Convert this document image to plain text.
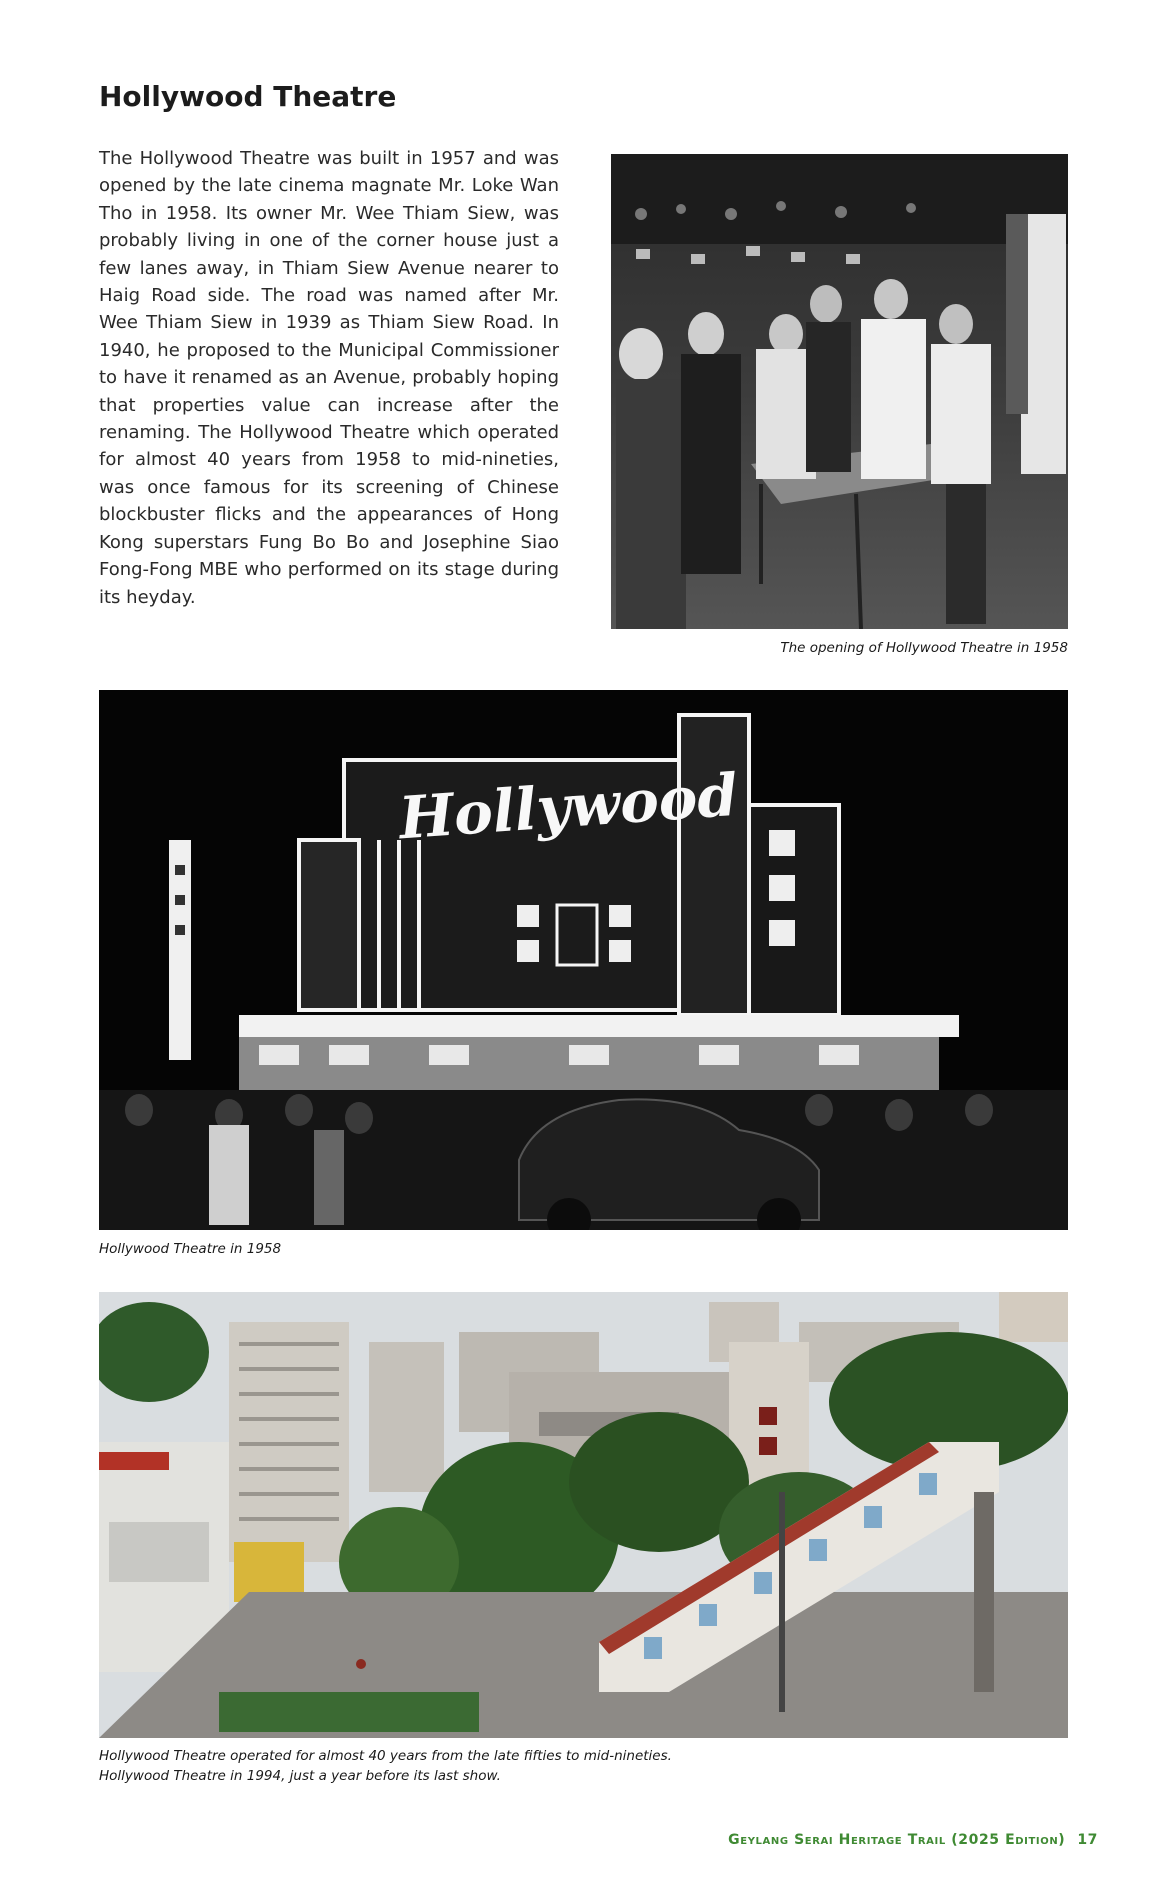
Hollywood Theatre
The Hollywood Theatre was built in 1957 and was opened by the late cinema magnate Mr. Loke Wan Tho in 1958. Its owner Mr. Wee Thiam Siew, was probably living in one of the corner house just a few lanes away, in Thiam Siew Avenue nearer to Haig Road side. The road was named after Mr. Wee Thiam Siew in 1939 as Thiam Siew Road. In 1940, he proposed to the Municipal Commissioner to have it renamed as an Avenue, probably hoping that properties value can increase after the renaming. The Hollywood Theatre which operated for almost 40 years from 1958 to mid-nineties, was once famous for its screening of Chinese blockbuster flicks and the appearances of Hong Kong superstars Fung Bo Bo and Josephine Siao Fong-Fong MBE who performed on its stage during its heyday.
The opening of Hollywood Theatre in 1958
Hollywood
Hollywood Theatre in 1958
Hollywood Theatre operated for almost 40 years from the late fifties to mid-nineties.
Hollywood Theatre in 1994, just a year before its last show.
Geylang Serai Heritage Trail (2025 Edition) 17
